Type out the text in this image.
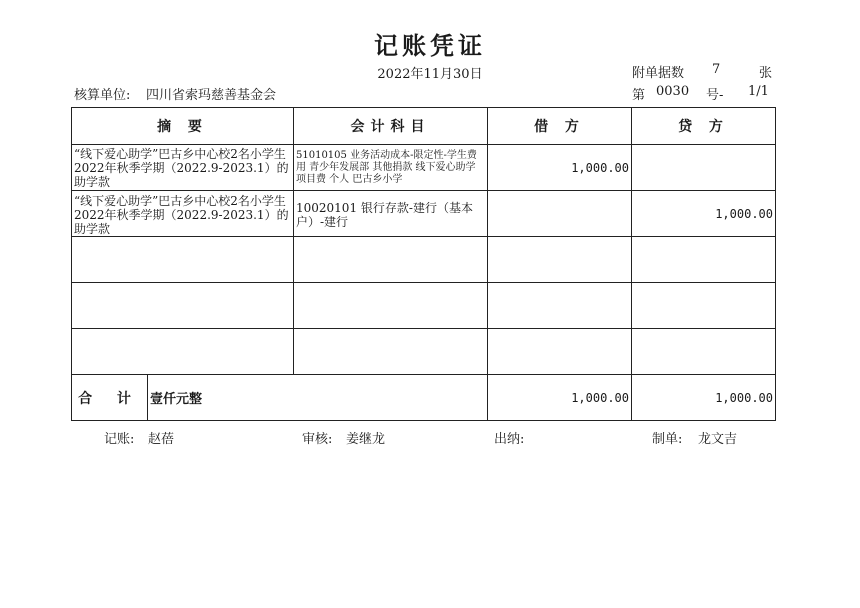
记账凭证
2022年11月30日	附单据数 7	张
核算单位: 四川省索玛慈善基金会	第 0030 号- 1/1
摘 要		会计科目	借 方	贷 方
“线下爱心助学”巴古乡中心校2名小学生2022年秋季学期（2022.9-2023.1）的助学款		51010105 业务活动成本-限定性-学生费用 青少年发展部 其他捐款 线下爱心助学 项目费 个人 巴古乡小学	1,000.00	
“线下爱心助学”巴古乡中心校2名小学生2022年秋季学期（2022.9-2023.1）的助学款		10020101 银行存款-建行（基本户）-建行		1,000.00

合 计	壹仟元整		1,000.00	1,000.00
记账: 赵蓓	审核: 姜继龙	出纳:	制单: 龙文吉
